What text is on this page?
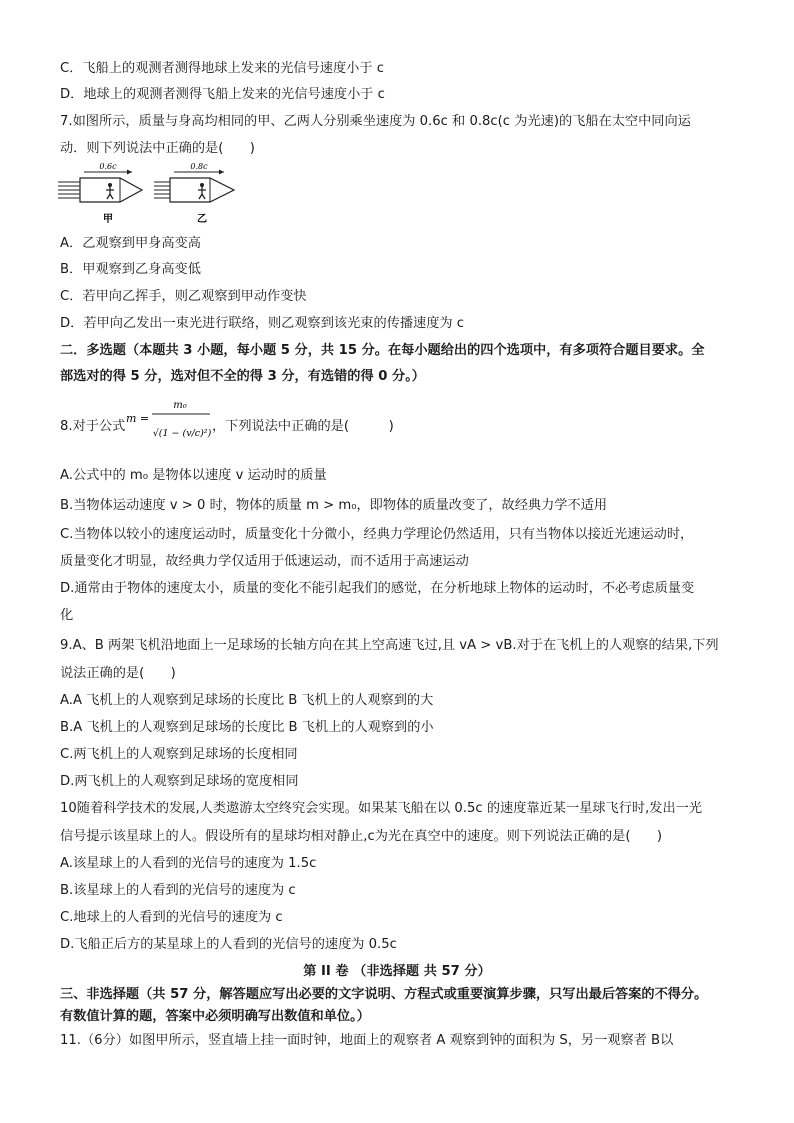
C．飞船上的观测者测得地球上发来的光信号速度小于 c
D．地球上的观测者测得飞船上发来的光信号速度小于 c
7.如图所示，质量与身高均相同的甲、乙两人分别乘坐速度为 0.6c 和 0.8c(c 为光速)的飞船在太空中同向运
动．则下列说法中正确的是(　　)
0.6c	0.8c
甲	乙
A．乙观察到甲身高变高
B．甲观察到乙身高变低
C．若甲向乙挥手，则乙观察到甲动作变快
D．若甲向乙发出一束光进行联络，则乙观察到该光束的传播速度为 c
二．多选题（本题共 3 小题，每小题 5 分，共 15 分。在每小题给出的四个选项中，有多项符合题目要求。全
部选对的得 5 分，选对但不全的得 3 分，有选错的得 0 分。）
8.对于公式
m =
m₀
√(1 − (v/c)²) ，下列说法中正确的是(　　　)
A.公式中的 m₀ 是物体以速度 v 运动时的质量
B.当物体运动速度 v > 0 时，物体的质量 m > m₀，即物体的质量改变了，故经典力学不适用
C.当物体以较小的速度运动时，质量变化十分微小，经典力学理论仍然适用，只有当物体以接近光速运动时，
质量变化才明显，故经典力学仅适用于低速运动，而不适用于高速运动
D.通常由于物体的速度太小，质量的变化不能引起我们的感觉，在分析地球上物体的运动时，不必考虑质量变
化
9.A、B 两架飞机沿地面上一足球场的长轴方向在其上空高速飞过,且 vA > vB.对于在飞机上的人观察的结果,下列
说法正确的是(　　)
A.A 飞机上的人观察到足球场的长度比 B 飞机上的人观察到的大
B.A 飞机上的人观察到足球场的长度比 B 飞机上的人观察到的小
C.两飞机上的人观察到足球场的长度相同
D.两飞机上的人观察到足球场的宽度相同
10随着科学技术的发展,人类遨游太空终究会实现。如果某飞船在以 0.5c 的速度靠近某一星球飞行时,发出一光
信号提示该星球上的人。假设所有的星球均相对静止,c为光在真空中的速度。则下列说法正确的是(　　)
A.该星球上的人看到的光信号的速度为 1.5c
B.该星球上的人看到的光信号的速度为 c
C.地球上的人看到的光信号的速度为 c
D.飞船正后方的某星球上的人看到的光信号的速度为 0.5c
第 II 卷 （非选择题 共 57 分）
三、非选择题（共 57 分，解答题应写出必要的文字说明、方程式或重要演算步骤，只写出最后答案的不得分。
有数值计算的题，答案中必须明确写出数值和单位。）
11.（6分）如图甲所示，竖直墙上挂一面时钟，地面上的观察者 A 观察到钟的面积为 S，另一观察者 B以
